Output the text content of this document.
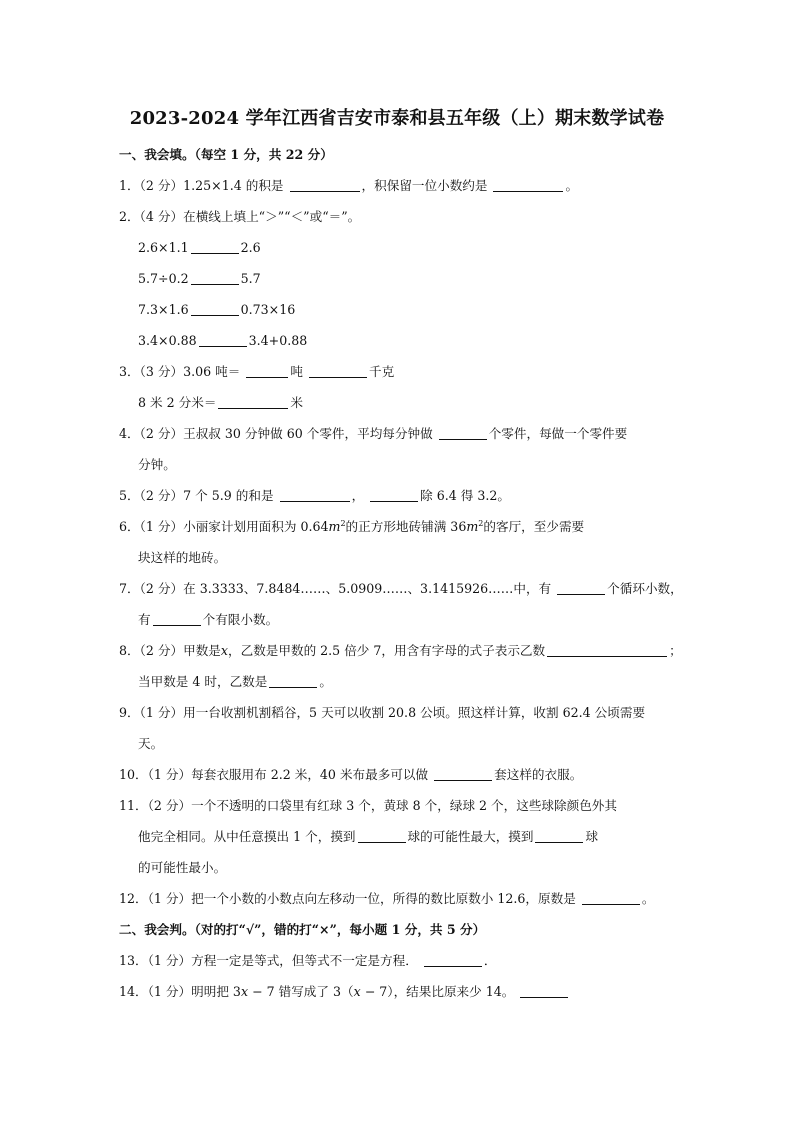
2023-2024 学年江西省吉安市泰和县五年级（上）期末数学试卷
一、我会填。（每空 1 分，共 22 分）
1．（2 分）1.25×1.4 的积是	，积保留一位小数约是	。
2．（4 分）在横线上填上“＞”“＜”或“＝”。
2.6×1.1	2.6
5.7÷0.2	5.7
7.3×1.6	0.73×16
3.4×0.88	3.4+0.88
3．（3 分）3.06 吨＝	吨	千克
8 米 2 分米＝	米
4．（2 分）王叔叔 30 分钟做 60 个零件，平均每分钟做	个零件，每做一个零件要
分钟。
5．（2 分）7 个 5.9 的和是	，	除 6.4 得 3.2。
6．（1 分）小丽家计划用面积为 $0.64m^2$的正方形地砖铺满 $36m^2$的客厅，至少需要
块这样的地砖。
7．（2 分）在 3.3333、7.8484……、5.0909……、3.1415926……中，有	个循环小数，
有	个有限小数。
8．（2 分）甲数是x，乙数是甲数的 2.5 倍少 7，用含有字母的式子表示乙数	；
当甲数是 4 时，乙数是	。
9．（1 分）用一台收割机割稻谷，5 天可以收割 20.8 公顷。照这样计算，收割 62.4 公顷需要
天。
10．（1 分）每套衣服用布 2.2 米，40 米布最多可以做	套这样的衣服。
11．（2 分）一个不透明的口袋里有红球 3 个，黄球 8 个，绿球 2 个，这些球除颜色外其
他完全相同。从中任意摸出 1 个，摸到	球的可能性最大，摸到	球
的可能性最小。
12．（1 分）把一个小数的小数点向左移动一位，所得的数比原数小 12.6，原数是	。
二、我会判。（对的打“√”，错的打“×”，每小题 1 分，共 5 分）
13．（1 分）方程一定是等式，但等式不一定是方程．	．
14．（1 分）明明把 3x − 7 错写成了 3（x − 7），结果比原来少 14。
